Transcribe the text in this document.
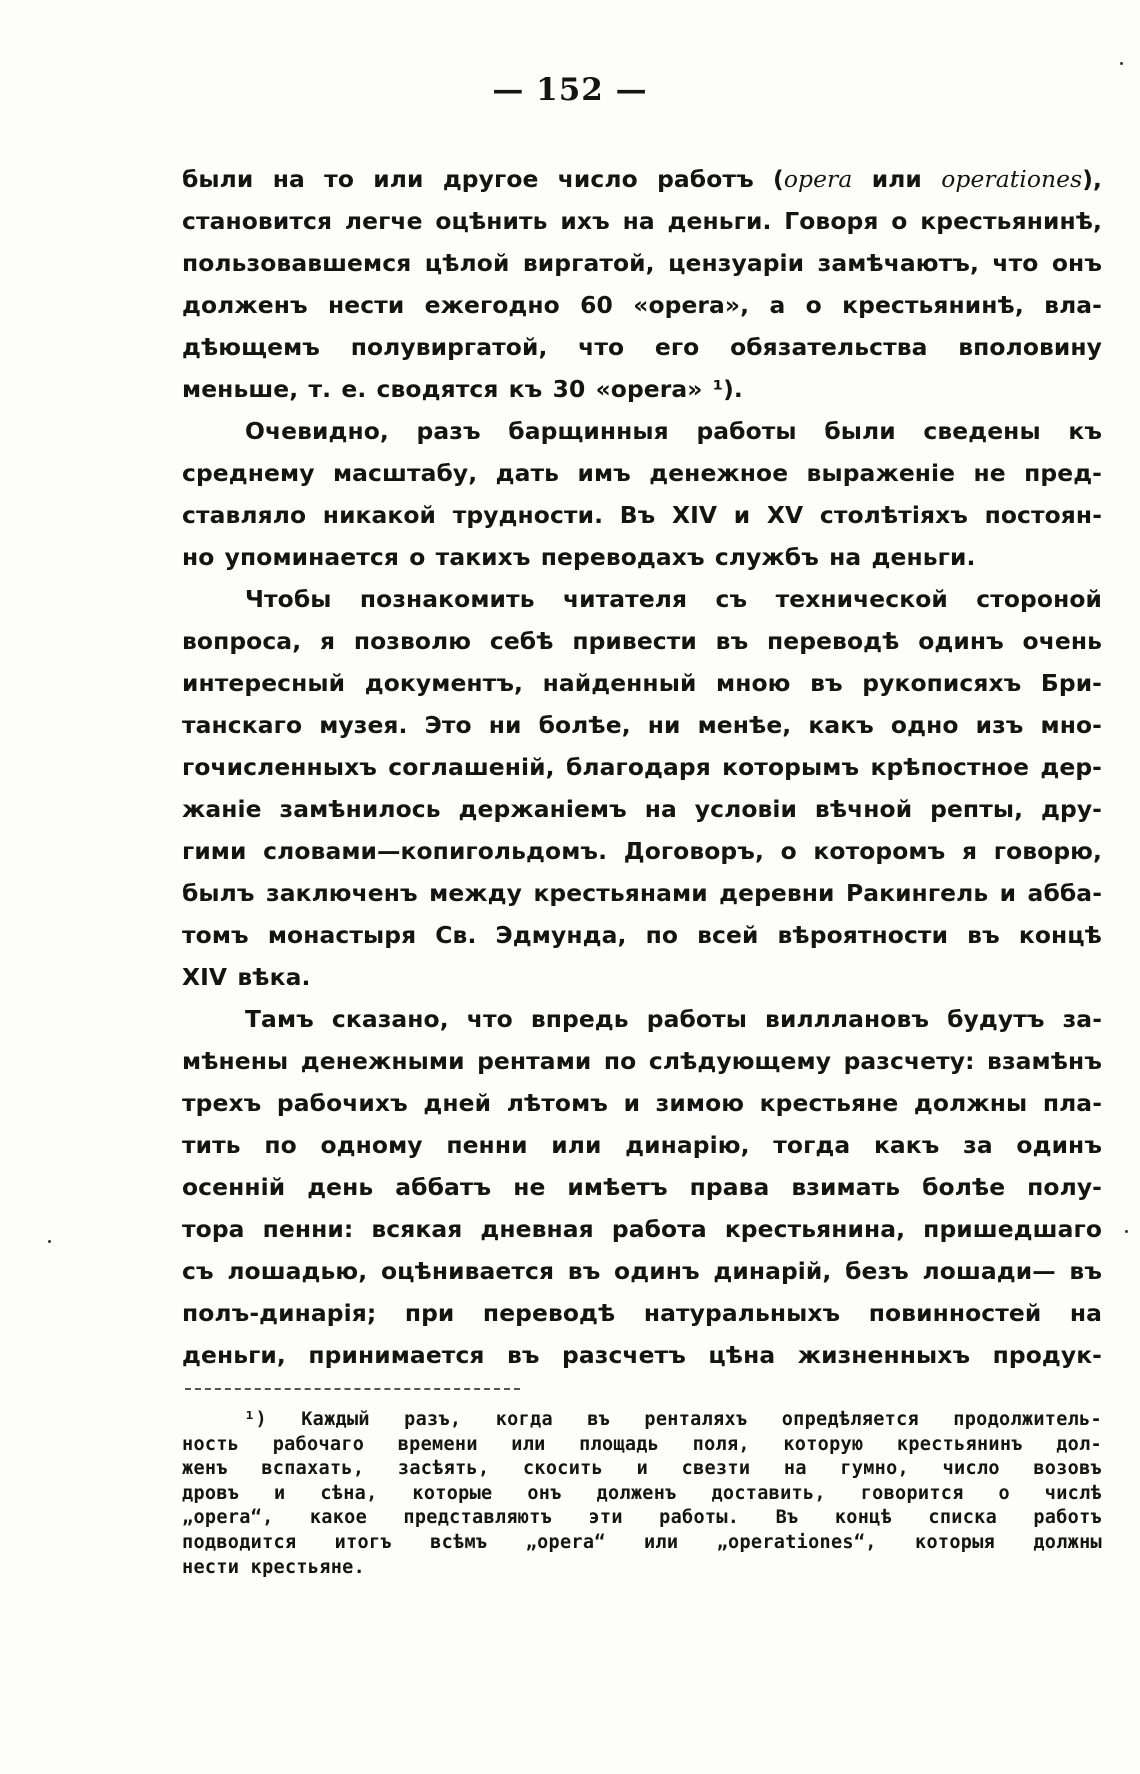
— 152 —
были на то или другое число работъ (opera или operationes),
становится легче оцѣнить ихъ на деньги. Говоря о крестьянинѣ,
пользовавшемся цѣлой виргатой, цензуаріи замѣчаютъ, что онъ
долженъ нести ежегодно 60 «opera», а о крестьянинѣ, вла-
дѣющемъ полувиргатой, что его обязательства вполовину
меньше, т. е. сводятся къ 30 «opera» ¹).
Очевидно, разъ барщинныя работы были сведены къ
среднему масштабу, дать имъ денежное выраженіе не пред-
ставляло никакой трудности. Въ XIV и XV столѣтіяхъ постоян-
но упоминается о такихъ переводахъ службъ на деньги.
Чтобы познакомить читателя съ технической стороной
вопроса, я позволю себѣ привести въ переводѣ одинъ очень
интересный документъ, найденный мною въ рукописяхъ Бри-
танскаго музея. Это ни болѣе, ни менѣе, какъ одно изъ мно-
гочисленныхъ соглашеній, благодаря которымъ крѣпостное дер-
жаніе замѣнилось держаніемъ на условіи вѣчной репты, дру-
гими словами—копигольдомъ. Договоръ, о которомъ я говорю,
былъ заключенъ между крестьянами деревни Ракингель и абба-
томъ монастыря Св. Эдмунда, по всей вѣроятности въ концѣ
XIV вѣка.
Тамъ сказано, что впредь работы вилллановъ будутъ за-
мѣнены денежными рентами по слѣдующему разсчету: взамѣнъ
трехъ рабочихъ дней лѣтомъ и зимою крестьяне должны пла-
тить по одному пенни или динарію, тогда какъ за одинъ
осенній день аббатъ не имѣетъ права взимать болѣе полу-
тора пенни: всякая дневная работа крестьянина, пришедшаго
съ лошадью, оцѣнивается въ одинъ динарій, безъ лошади— въ
полъ-динарія; при переводѣ натуральныхъ повинностей на
деньги, принимается въ разсчетъ цѣна жизненныхъ продук-
¹) Каждый разъ, когда въ ренталяхъ опредѣляется продолжитель-
ность рабочаго времени или площадь поля, которую крестьянинъ дол-
женъ вспахать, засѣять, скосить и свезти на гумно, число возовъ
дровъ и сѣна, которые онъ долженъ доставить, говорится о числѣ
„opera“, какое представляютъ эти работы. Въ концѣ списка работъ
подводится итогъ всѣмъ „opera“ или „operationes“, которыя должны
нести крестьяне.
